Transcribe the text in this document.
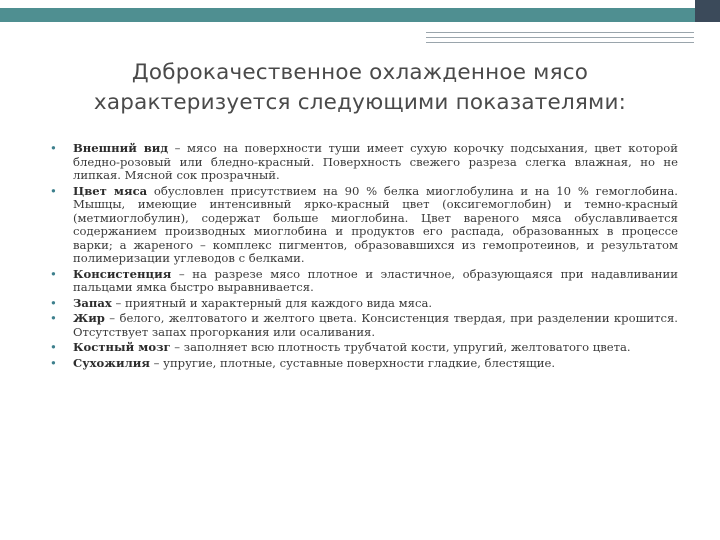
Доброкачественное охлажденное мясо
характеризуется следующими показателями:
•	Внешний вид – мясо на поверхности туши имеет сухую корочку подсыхания, цвет которой бледно-розовый или бледно-красный. Поверхность свежего разреза слегка влажная, но не липкая. Мясной сок прозрачный.
•	Цвет мяса обусловлен присутствием на 90 % белка миоглобулина и на 10 % гемоглобина. Мышцы, имеющие интенсивный ярко-красный цвет (оксигемоглобин) и темно-красный (метмиоглобулин), содержат больше миоглобина. Цвет вареного мяса обуславливается содержанием производных миоглобина и продуктов его распада, образованных в процессе варки; а жареного – комплекс пигментов, образовавшихся из гемопротеинов, и результатом полимеризации углеводов с белками.
•	Консистенция – на разрезе мясо плотное и эластичное, образующаяся при надавливании пальцами ямка быстро выравнивается.
•	Запах – приятный и характерный для каждого вида мяса.
•	Жир – белого, желтоватого и желтого цвета. Консистенция твердая, при разделении крошится. Отсутствует запах прогоркания или осаливания.
•	Костный мозг – заполняет всю плотность трубчатой кости, упругий, желтоватого цвета.
•	Сухожилия – упругие, плотные, суставные поверхности гладкие, блестящие.
